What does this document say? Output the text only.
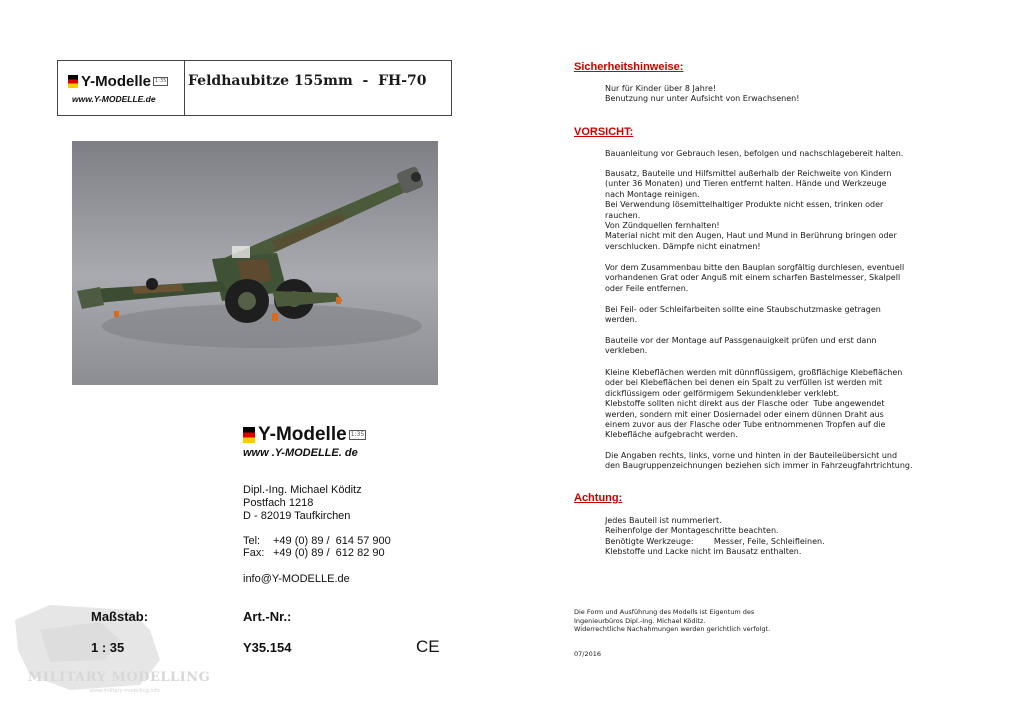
Y-Modelle 1:35
www.Y-MODELLE.de
Feldhaubitze 155mm  -  FH-70
Y-Modelle 1:35
www .Y-MODELLE. de
Dipl.-Ing. Michael Köditz
Postfach 1218
D - 82019 Taufkirchen
Tel: +49 (0) 89 /  614 57 900
Fax: +49 (0) 89 /  612 82 90
info@Y-MODELLE.de
MILITARY MODELLING
www.military-modelling.info
Maßstab:
1 : 35
Art.-Nr.:
Y35.154	CE
Sicherheitshinweise:
Nur für Kinder über 8 Jahre!
Benutzung nur unter Aufsicht von Erwachsenen!
VORSICHT:
Bauanleitung vor Gebrauch lesen, befolgen und nachschlagebereit halten.
Bausatz, Bauteile und Hilfsmittel außerhalb der Reichweite von Kindern
(unter 36 Monaten) und Tieren entfernt halten. Hände und Werkzeuge
nach Montage reinigen.
Bei Verwendung lösemittelhaltiger Produkte nicht essen, trinken oder
rauchen.
Von Zündquellen fernhalten!
Material nicht mit den Augen, Haut und Mund in Berührung bringen oder
verschlucken. Dämpfe nicht einatmen!
Vor dem Zusammenbau bitte den Bauplan sorgfältig durchlesen, eventuell
vorhandenen Grat oder Anguß mit einem scharfen Bastelmesser, Skalpell
oder Feile entfernen.
Bei Feil- oder Schleifarbeiten sollte eine Staubschutzmaske getragen
werden.
Bauteile vor der Montage auf Passgenauigkeit prüfen und erst dann
verkleben.
Kleine Klebeflächen werden mit dünnflüssigem, großflächige Klebeflächen
oder bei Klebeflächen bei denen ein Spalt zu verfüllen ist werden mit
dickflüssigem oder gelförmigem Sekundenkleber verklebt.
Klebstoffe sollten nicht direkt aus der Flasche oder  Tube angewendet
werden, sondern mit einer Dosiernadel oder einem dünnen Draht aus
einem zuvor aus der Flasche oder Tube entnommenen Tropfen auf die
Klebefläche aufgebracht werden.
Die Angaben rechts, links, vorne und hinten in der Bauteileübersicht und
den Baugruppenzeichnungen beziehen sich immer in Fahrzeugfahrtrichtung.
Achtung:
Jedes Bauteil ist nummeriert.
Reihenfolge der Montageschritte beachten.
Benötigte Werkzeuge:        Messer, Feile, Schleifleinen.
Klebstoffe und Lacke nicht im Bausatz enthalten.
Die Form und Ausführung des Modells ist Eigentum des
Ingenieurbüros Dipl.-Ing. Michael Köditz.
Widerrechtliche Nachahmungen werden gerichtlich verfolgt.
07/2016
